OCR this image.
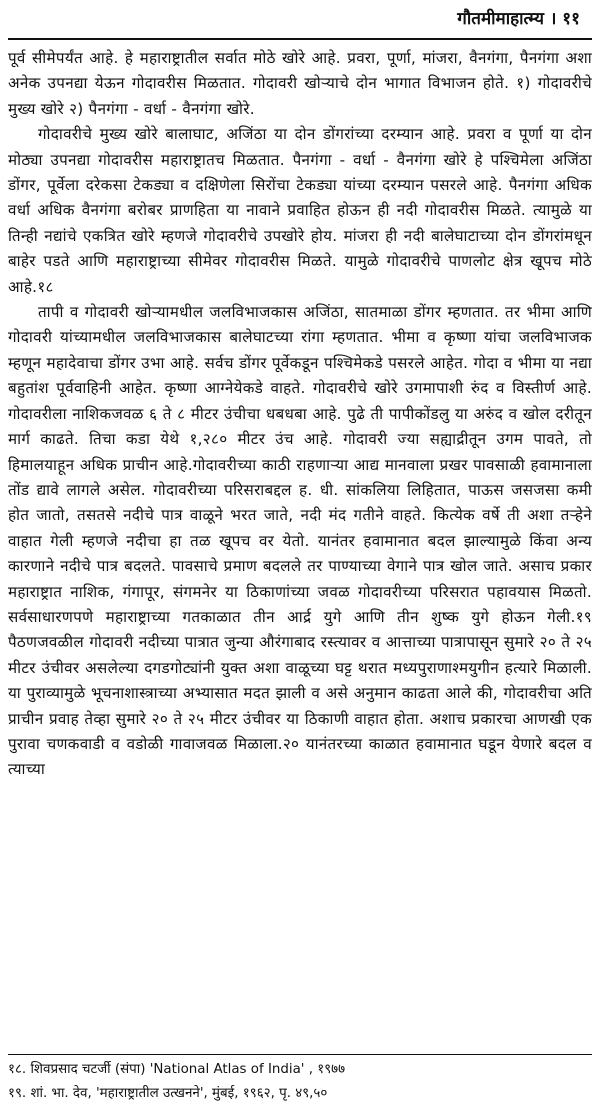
गौतमीमाहात्म्य । ११

पूर्व सीमेपर्यंत आहे. हे महाराष्ट्रातील सर्वात मोठे खोरे आहे. प्रवरा, पूर्णा, मांजरा, वैनगंगा, पैनगंगा अशा अनेक उपनद्या येऊन गोदावरीस मिळतात. गोदावरी खोऱ्याचे दोन भागात विभाजन होते. १) गोदावरीचे मुख्य खोरे २) पैनगंगा - वर्धा - वैनगंगा खोरे.

गोदावरीचे मुख्य खोरे बालाघाट, अजिंठा या दोन डोंगरांच्या दरम्यान आहे. प्रवरा व पूर्णा या दोन मोठ्या उपनद्या गोदावरीस महाराष्ट्रातच मिळतात. पैनगंगा - वर्धा - वैनगंगा खोरे हे पश्चिमेला अजिंठा डोंगर, पूर्वेला दरेकसा टेकड्या व दक्षिणेला सिरोंचा टेकड्या यांच्या दरम्यान पसरले आहे. पैनगंगा अधिक वर्धा अधिक वैनगंगा बरोबर प्राणहिता या नावाने प्रवाहित होऊन ही नदी गोदावरीस मिळते. त्यामुळे या तिन्ही नद्यांचे एकत्रित खोरे म्हणजे गोदावरीचे उपखोरे होय. मांजरा ही नदी बालेघाटाच्या दोन डोंगरांमधून बाहेर पडते आणि महाराष्ट्राच्या सीमेवर गोदावरीस मिळते. यामुळे गोदावरीचे पाणलोट क्षेत्र खूपच मोठे आहे.१८

तापी व गोदावरी खोऱ्यामधील जलविभाजकास अजिंठा, सातमाळा डोंगर म्हणतात. तर भीमा आणि गोदावरी यांच्यामधील जलविभाजकास बालेघाटच्या रांगा म्हणतात. भीमा व कृष्णा यांचा जलविभाजक म्हणून महादेवाचा डोंगर उभा आहे. सर्वच डोंगर पूर्वेकडून पश्चिमेकडे पसरले आहेत. गोदा व भीमा या नद्या बहुतांश पूर्ववाहिनी आहेत. कृष्णा आग्नेयेकडे वाहते. गोदावरीचे खोरे उगमापाशी रुंद व विस्तीर्ण आहे. गोदावरीला नाशिकजवळ ६ ते ८ मीटर उंचीचा धबधबा आहे. पुढे ती पापीकोंडलु या अरुंद व खोल दरीतून मार्ग काढते. तिचा कडा येथे १,२८० मीटर उंच आहे. गोदावरी ज्या सह्याद्रीतून उगम पावते, तो हिमालयाहून अधिक प्राचीन आहे.गोदावरीच्या काठी राहणाऱ्या आद्य मानवाला प्रखर पावसाळी हवामानाला तोंड द्यावे लागले असेल. गोदावरीच्या परिसराबद्दल ह. धी. सांकलिया लिहितात, पाऊस जसजसा कमी होत जातो, तसतसे नदीचे पात्र वाळूने भरत जाते, नदी मंद गतीने वाहते. कित्येक वर्षे ती अशा तऱ्हेने वाहात गेली म्हणजे नदीचा हा तळ खूपच वर येतो. यानंतर हवामानात बदल झाल्यामुळे किंवा अन्य कारणाने नदीचे पात्र बदलते. पावसाचे प्रमाण बदलले तर पाण्याच्या वेगाने पात्र खोल जाते. असाच प्रकार महाराष्ट्रात नाशिक, गंगापूर, संगमनेर या ठिकाणांच्या जवळ गोदावरीच्या परिसरात पहावयास मिळतो. सर्वसाधारणपणे महाराष्ट्राच्या गतकाळात तीन आर्द्र युगे आणि तीन शुष्क युगे होऊन गेली.१९ पैठणजवळील गोदावरी नदीच्या पात्रात जुन्या औरंगाबाद रस्त्यावर व आत्ताच्या पात्रापासून सुमारे २० ते २५ मीटर उंचीवर असलेल्या दगडगोट्यांनी युक्त अशा वाळूच्या घट्ट थरात मध्यपुराणाश्मयुगीन हत्यारे मिळाली. या पुराव्यामुळे भूचनाशास्त्राच्या अभ्यासात मदत झाली व असे अनुमान काढता आले की, गोदावरीचा अति प्राचीन प्रवाह तेव्हा सुमारे २० ते २५ मीटर उंचीवर या ठिकाणी वाहात होता. अशाच प्रकारचा आणखी एक पुरावा चणकवाडी व वडोळी गावाजवळ मिळाला.२० यानंतरच्या काळात हवामानात घडून येणारे बदल व त्याच्या

१८. शिवप्रसाद चटर्जी (संपा) 'National Atlas of India' , १९७७
१९. शां. भा. देव, 'महाराष्ट्रातील उत्खनने', मुंबई, १९६२, पृ. ४९,५०
